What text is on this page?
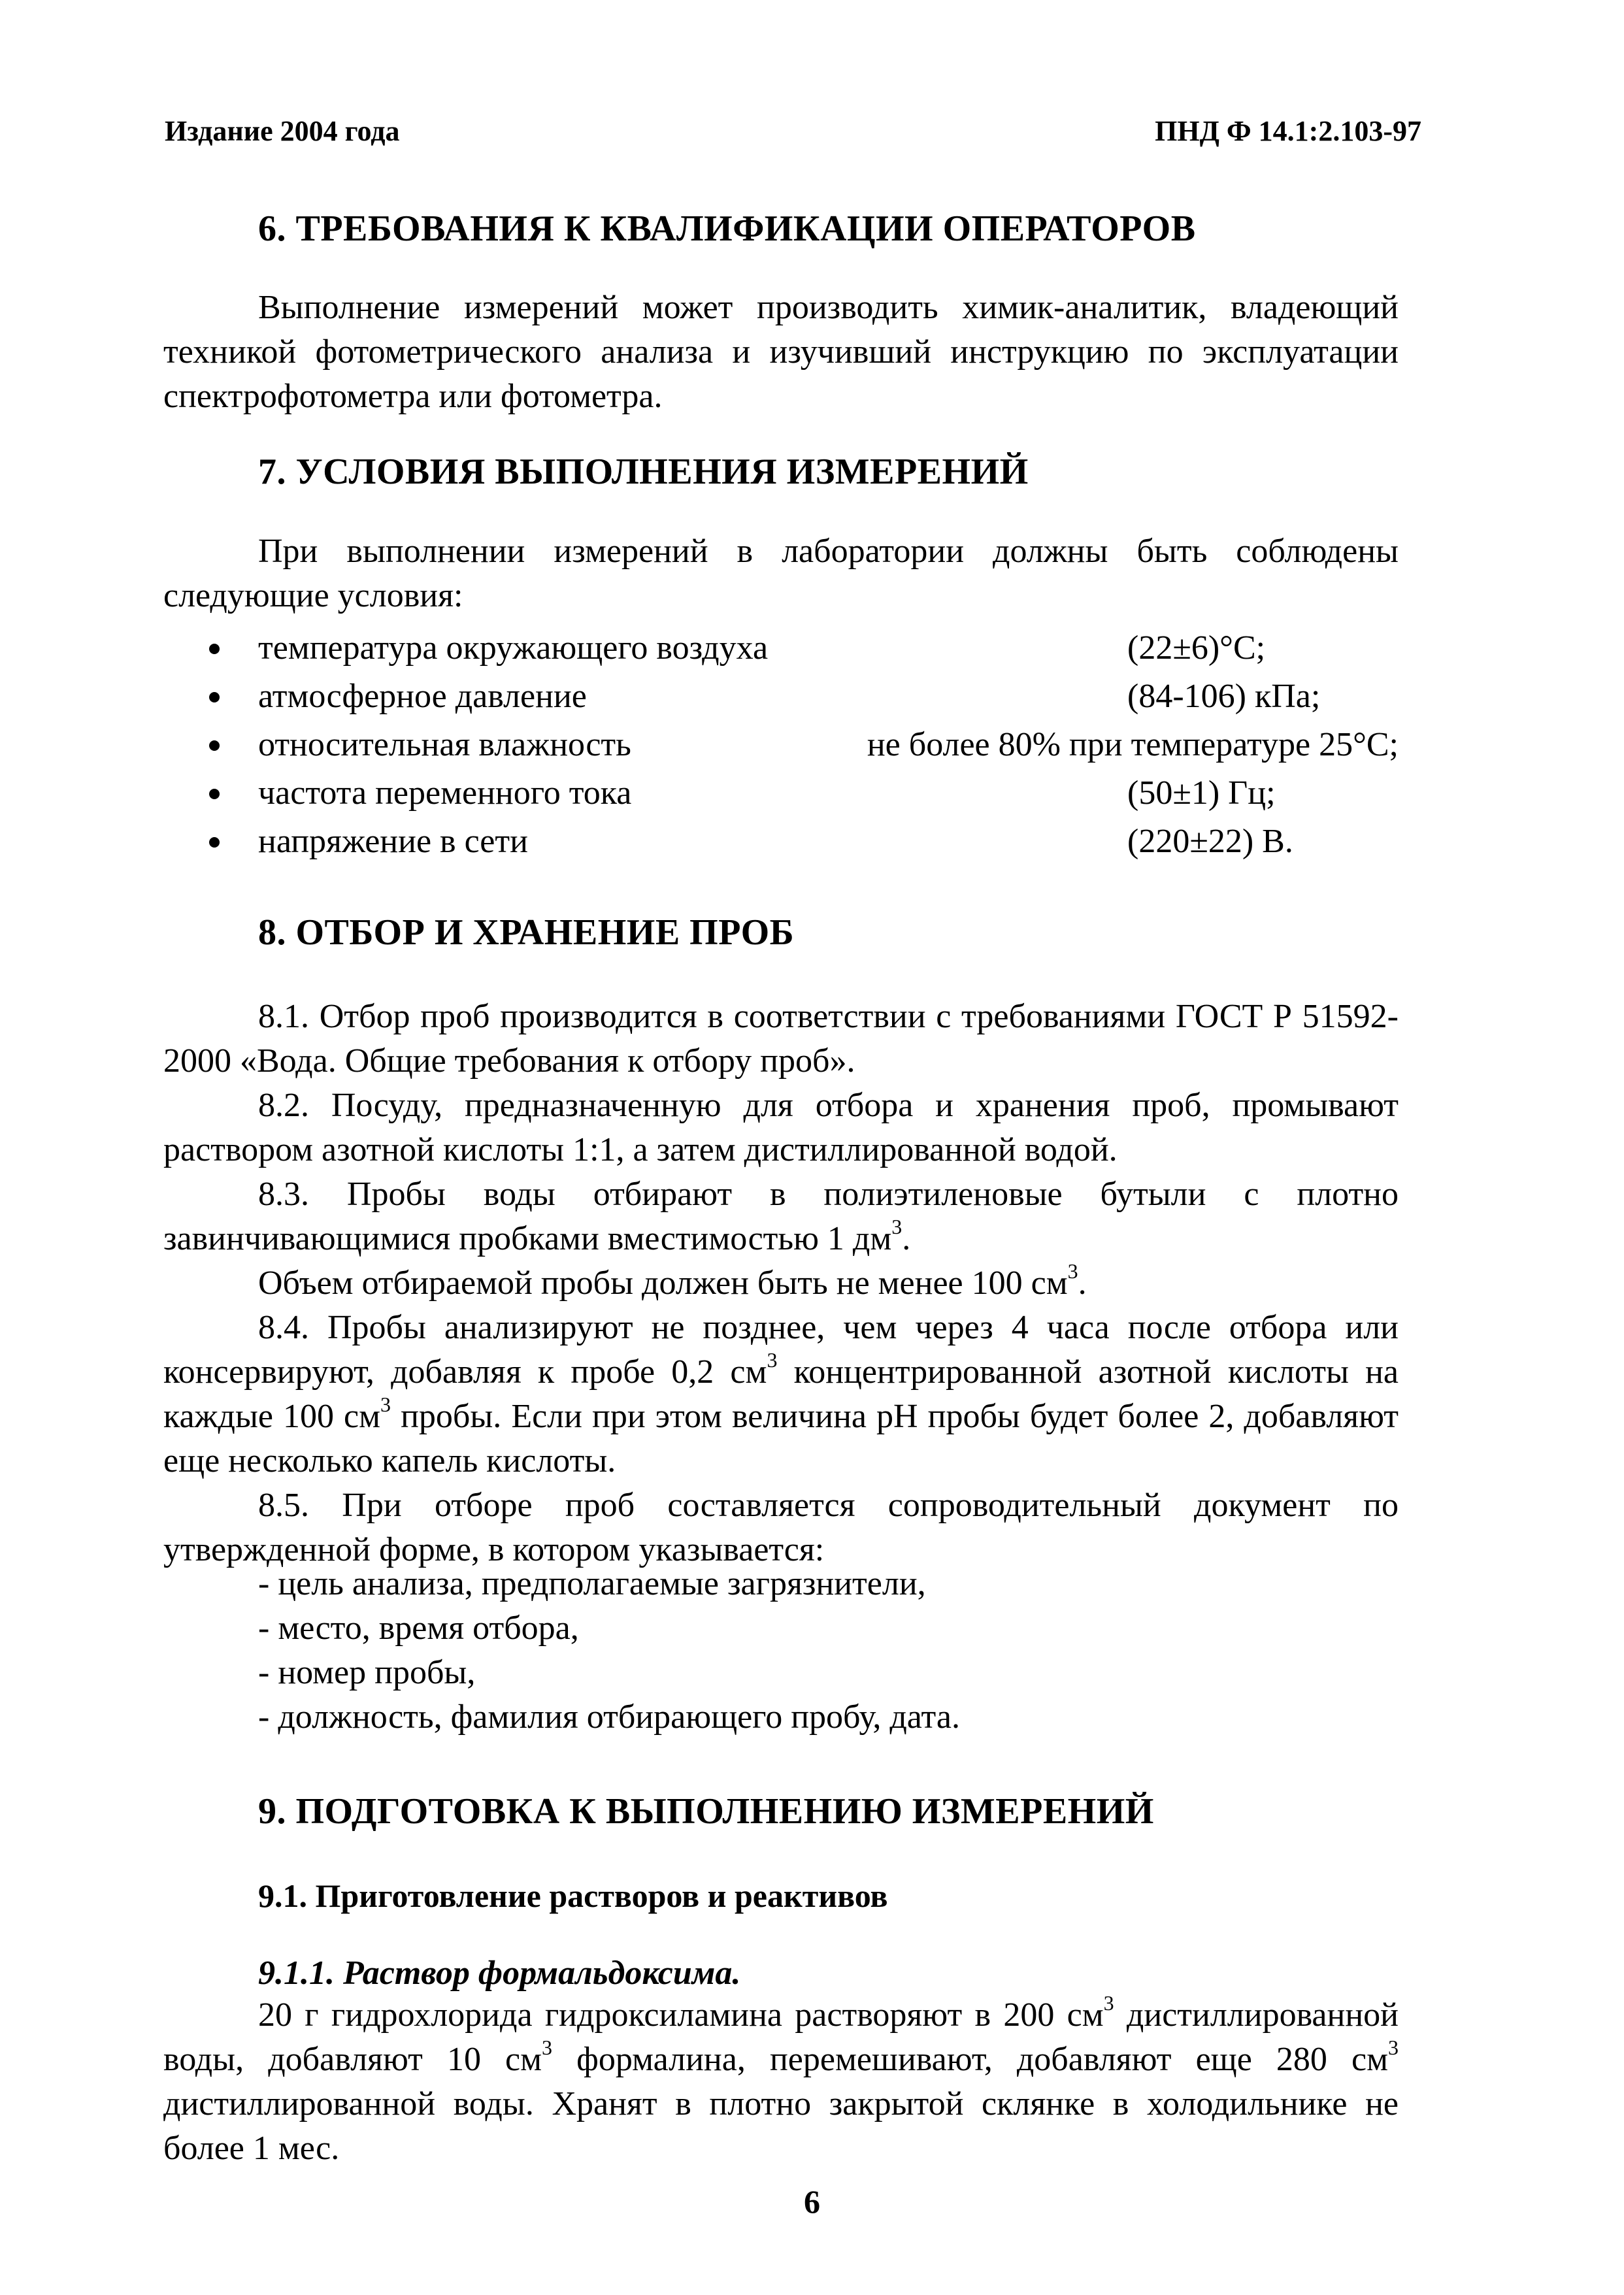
Издание 2004 года	ПНД Ф 14.1:2.103-97
6. ТРЕБОВАНИЯ К КВАЛИФИКАЦИИ ОПЕРАТОРОВ

Выполнение измерений может производить химик-аналитик, владеющий техникой фотометрического анализа и изучивший инструкцию по эксплуатации спектрофотометра или фотометра.

7. УСЛОВИЯ ВЫПОЛНЕНИЯ ИЗМЕРЕНИЙ

При выполнении измерений в лаборатории должны быть соблюдены следующие условия:

температура окружающего воздуха	(22±6)°С;
атмосферное давление	(84-106) кПа;
относительная влажность	не более 80% при температуре 25°С;
частота переменного тока	(50±1) Гц;
напряжение в сети	(220±22) В.
8. ОТБОР И ХРАНЕНИЕ ПРОБ

8.1. Отбор проб производится в соответствии с требованиями ГОСТ Р 51592-2000 «Вода. Общие требования к отбору проб».

8.2. Посуду, предназначенную для отбора и хранения проб, промывают раствором азотной кислоты 1:1, а затем дистиллированной водой.

8.3. Пробы воды отбирают в полиэтиленовые бутыли с плотно завинчивающимися пробками вместимостью 1 $дм^3$.

Объем отбираемой пробы должен быть не менее 100 $см^3$.

8.4. Пробы анализируют не позднее, чем через 4 часа после отбора или консервируют, добавляя к пробе 0,2 $см^3$ концентрированной азотной кислоты на каждые 100 $см^3$ пробы. Если при этом величина рН пробы будет более 2, добавляют еще несколько капель кислоты.

8.5. При отборе проб составляется сопроводительный документ по утвержденной форме, в котором указывается:

- цель анализа, предполагаемые загрязнители,
- место, время отбора,
- номер пробы,
- должность, фамилия отбирающего пробу, дата.
9. ПОДГОТОВКА К ВЫПОЛНЕНИЮ ИЗМЕРЕНИЙ
9.1. Приготовление растворов и реактивов
9.1.1. Раствор формальдоксима.

20 г гидрохлорида гидроксиламина растворяют в 200 $см^3$ дистиллированной воды, добавляют 10 $см^3$ формалина, перемешивают, добавляют еще 280 $см^3$ дистиллированной воды. Хранят в плотно закрытой склянке в холодильнике не более 1 мес.

6
